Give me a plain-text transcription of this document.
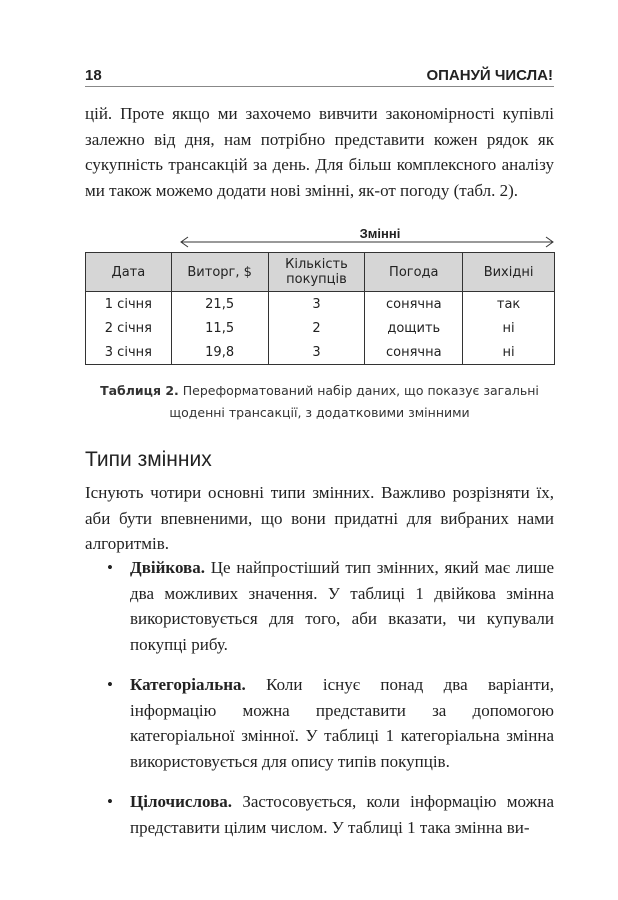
18	ОПАНУЙ ЧИСЛА!
цій. Проте якщо ми захочемо вивчити закономірності купівлі залежно від дня, нам потрібно представити кожен рядок як сукупність трансакцій за день. Для більш комплексного аналізу ми також можемо додати нові змінні, як-от погоду (табл. 2).
Змінні
Дата	Виторг, $	Кількість покупців	Погода	Вихідні
1 січня	21,5	3	сонячна	так
2 січня	11,5	2	дощить	ні
3 січня	19,8	3	сонячна	ні
Таблиця 2. Переформатований набір даних, що показує загальні щоденні трансакції, з додатковими змінними
Типи змінних
Існують чотири основні типи змінних. Важливо розрізняти їх, аби бути впевненими, що вони придатні для вибраних нами алгоритмів.
• Двійкова. Це найпростіший тип змінних, який має лише два можливих значення. У таблиці 1 двійкова змінна використовується для того, аби вказати, чи купували покупці рибу.
• Категоріальна. Коли існує понад два варіанти, інформацію можна представити за допомогою категоріальної змінної. У таблиці 1 категоріальна змінна використовується для опису типів покупців.
• Цілочислова. Застосовується, коли інформацію можна представити цілим числом. У таблиці 1 така змінна ви-
